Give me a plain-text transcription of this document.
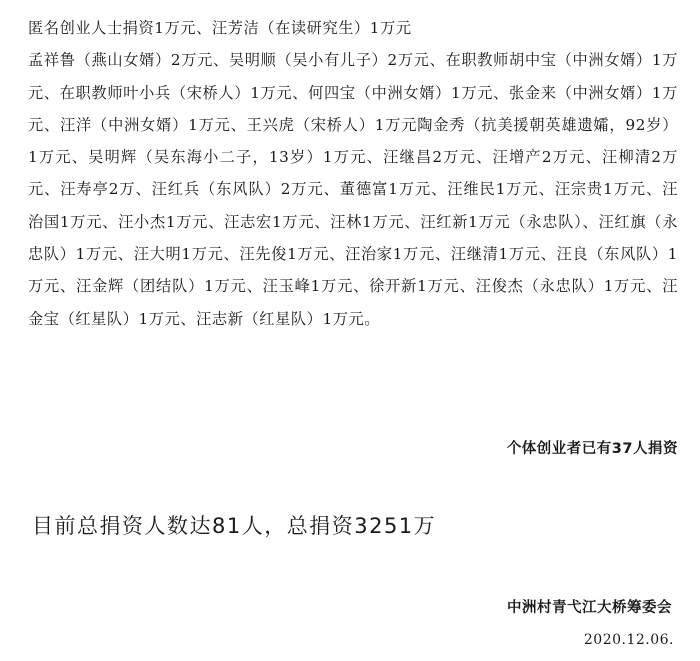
匿名创业人士捐资1万元、汪芳洁（在读研究生）1万元

孟祥鲁（燕山女婿）2万元、吴明顺（吴小有儿子）2万元、在职教师胡中宝（中洲女婿）1万元、在职教师叶小兵（宋桥人）1万元、何四宝（中洲女婿）1万元、张金来（中洲女婿）1万元、汪洋（中洲女婿）1万元、王兴虎（宋桥人）1万元陶金秀（抗美援朝英雄遗孀，92岁）1万元、吴明辉（吴东海小二子，13岁）1万元、汪继昌2万元、汪增产2万元、汪柳清2万元、汪寿亭2万、汪红兵（东风队）2万元、董德富1万元、汪维民1万元、汪宗贵1万元、汪治国1万元、汪小杰1万元、汪志宏1万元、汪林1万元、汪红新1万元（永忠队）、汪红旗（永忠队）1万元、汪大明1万元、汪先俊1万元、汪治家1万元、汪继清1万元、汪良（东风队）1万元、汪金辉（团结队）1万元、汪玉峰1万元、徐开新1万元、汪俊杰（永忠队）1万元、汪金宝（红星队）1万元、汪志新（红星队）1万元。

个体创业者已有37人捐资
目前总捐资人数达81人，总捐资3251万
中洲村青弋江大桥筹委会
2020.12.06.
